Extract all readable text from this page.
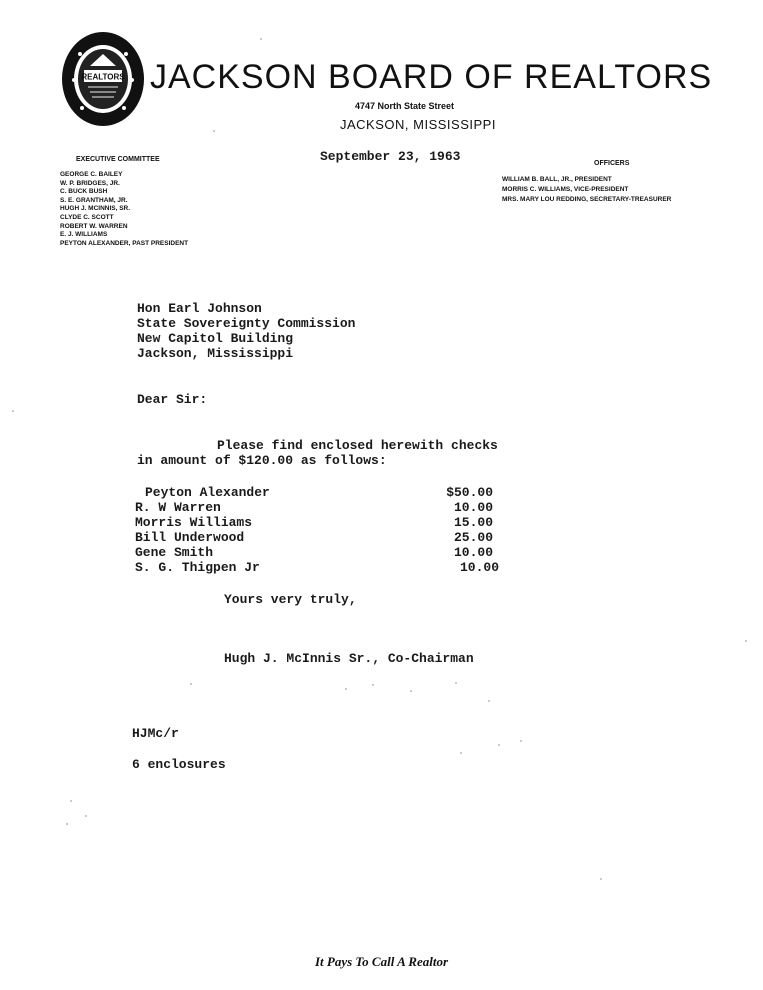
REALTORS JACKSON BOARD OF REALTORS
4747 North State Street
JACKSON, MISSISSIPPI
September 23, 1963
EXECUTIVE COMMITTEE
GEORGE C. BAILEY
W. P. BRIDGES, JR.
C. BUCK BUSH
S. E. GRANTHAM, JR.
HUGH J. MCINNIS, SR.
CLYDE C. SCOTT
ROBERT W. WARREN
E. J. WILLIAMS
PEYTON ALEXANDER, PAST PRESIDENT
OFFICERS
WILLIAM B. BALL, JR., PRESIDENT
MORRIS C. WILLIAMS, VICE-PRESIDENT
MRS. MARY LOU REDDING, SECRETARY-TREASURER
Hon Earl Johnson
State Sovereignty Commission
New Capitol Building
Jackson, Mississippi
Dear Sir:
Please find enclosed herewith checks
in amount of $120.00 as follows:
Peyton Alexander	$50.00
R. W Warren	10.00
Morris Williams	15.00
Bill Underwood	25.00
Gene Smith	10.00
S. G. Thigpen Jr	10.00
Yours very truly,
Hugh J. McInnis Sr., Co-Chairman
HJMc/r
6 enclosures
It Pays To Call A Realtor
